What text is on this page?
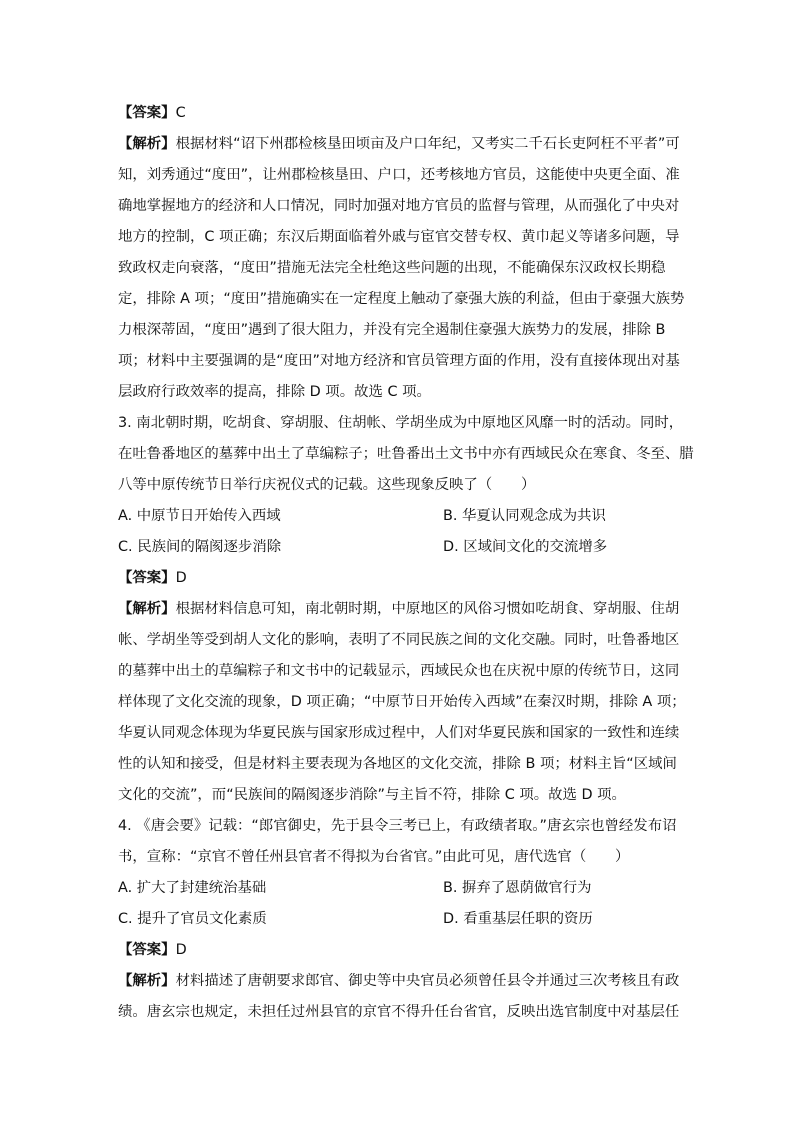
【答案】C
【解析】根据材料“诏下州郡检核垦田顷亩及户口年纪，又考实二千石长吏阿枉不平者”可
知，刘秀通过“度田”，让州郡检核垦田、户口，还考核地方官员，这能使中央更全面、准
确地掌握地方的经济和人口情况，同时加强对地方官员的监督与管理，从而强化了中央对
地方的控制，C 项正确；东汉后期面临着外戚与宦官交替专权、黄巾起义等诸多问题，导
致政权走向衰落，“度田”措施无法完全杜绝这些问题的出现，不能确保东汉政权长期稳
定，排除 A 项；“度田”措施确实在一定程度上触动了豪强大族的利益，但由于豪强大族势
力根深蒂固，“度田”遇到了很大阻力，并没有完全遏制住豪强大族势力的发展，排除 B
项；材料中主要强调的是“度田”对地方经济和官员管理方面的作用，没有直接体现出对基
层政府行政效率的提高，排除 D 项。故选 C 项。
3. 南北朝时期，吃胡食、穿胡服、住胡帐、学胡坐成为中原地区风靡一时的活动。同时，
在吐鲁番地区的墓葬中出土了草编粽子；吐鲁番出土文书中亦有西域民众在寒食、冬至、腊
八等中原传统节日举行庆祝仪式的记载。这些现象反映了（　　）
A. 中原节日开始传入西域	B. 华夏认同观念成为共识
C. 民族间的隔阂逐步消除	D. 区域间文化的交流增多
【答案】D
【解析】根据材料信息可知，南北朝时期，中原地区的风俗习惯如吃胡食、穿胡服、住胡
帐、学胡坐等受到胡人文化的影响，表明了不同民族之间的文化交融。同时，吐鲁番地区
的墓葬中出土的草编粽子和文书中的记载显示，西域民众也在庆祝中原的传统节日，这同
样体现了文化交流的现象，D 项正确；“中原节日开始传入西域”在秦汉时期，排除 A 项；
华夏认同观念体现为华夏民族与国家形成过程中，人们对华夏民族和国家的一致性和连续
性的认知和接受，但是材料主要表现为各地区的文化交流，排除 B 项；材料主旨“区域间
文化的交流”，而“民族间的隔阂逐步消除”与主旨不符，排除 C 项。故选 D 项。
4. 《唐会要》记载：“郎官御史，先于县令三考已上，有政绩者取。”唐玄宗也曾经发布诏
书，宣称：“京官不曾任州县官者不得拟为台省官。”由此可见，唐代选官（　　）
A. 扩大了封建统治基础	B. 摒弃了恩荫做官行为
C. 提升了官员文化素质	D. 看重基层任职的资历
【答案】D
【解析】材料描述了唐朝要求郎官、御史等中央官员必须曾任县令并通过三次考核且有政
绩。唐玄宗也规定，未担任过州县官的京官不得升任台省官，反映出选官制度中对基层任
